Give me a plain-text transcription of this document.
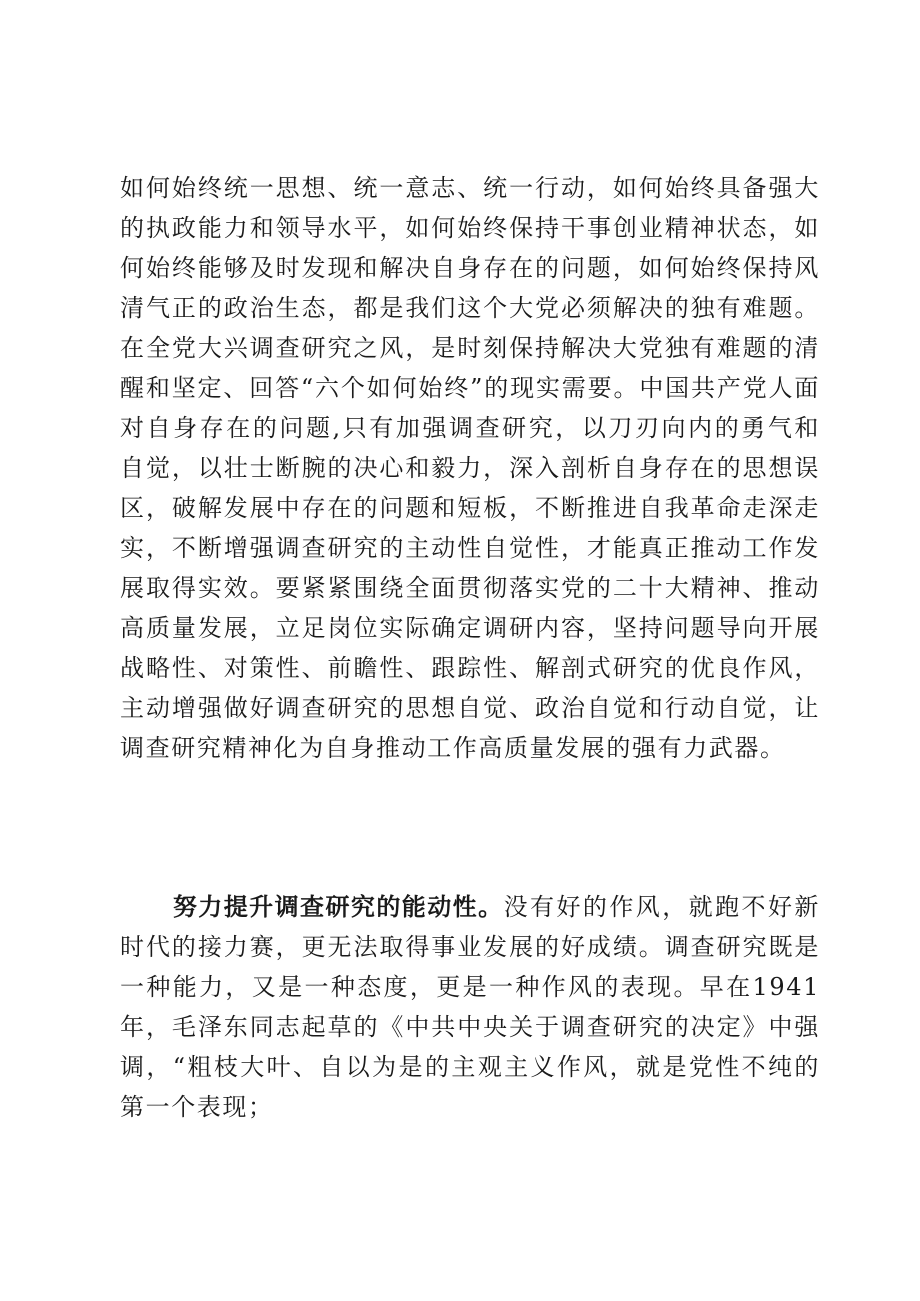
如何始终统一思想、统一意志、统一行动，如何始终具备强大的执政能力和领导水平，如何始终保持干事创业精神状态，如何始终能够及时发现和解决自身存在的问题，如何始终保持风清气正的政治生态，都是我们这个大党必须解决的独有难题。在全党大兴调查研究之风，是时刻保持解决大党独有难题的清醒和坚定、回答“六个如何始终”的现实需要。中国共产党人面对自身存在的问题,只有加强调查研究，以刀刃向内的勇气和自觉，以壮士断腕的决心和毅力，深入剖析自身存在的思想误区，破解发展中存在的问题和短板，不断推进自我革命走深走实，不断增强调查研究的主动性自觉性，才能真正推动工作发展取得实效。要紧紧围绕全面贯彻落实党的二十大精神、推动高质量发展，立足岗位实际确定调研内容，坚持问题导向开展战略性、对策性、前瞻性、跟踪性、解剖式研究的优良作风，主动增强做好调查研究的思想自觉、政治自觉和行动自觉，让调查研究精神化为自身推动工作高质量发展的强有力武器。

努力提升调查研究的能动性。没有好的作风，就跑不好新时代的接力赛，更无法取得事业发展的好成绩。调查研究既是一种能力，又是一种态度，更是一种作风的表现。早在1941年，毛泽东同志起草的《中共中央关于调查研究的决定》中强调，“粗枝大叶、自以为是的主观主义作风，就是党性不纯的第一个表现；
